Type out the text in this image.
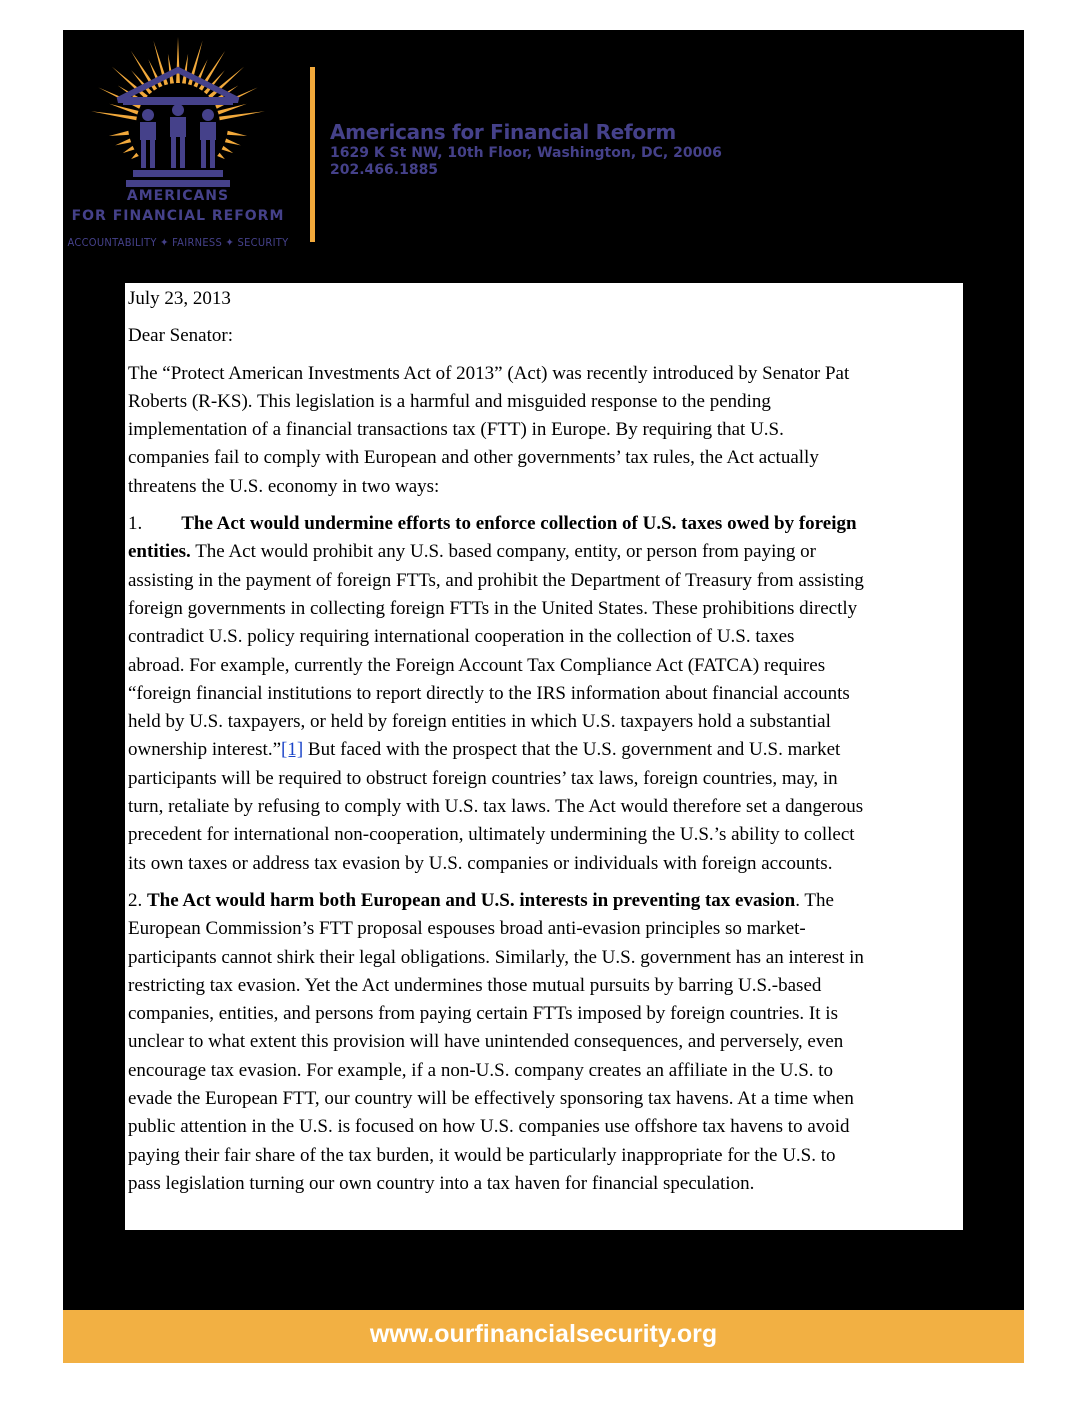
AMERICANS
FOR FINANCIAL REFORM
ACCOUNTABILITY ✦ FAIRNESS ✦ SECURITY
Americans for Financial Reform
1629 K St NW, 10th Floor, Washington, DC, 20006
202.466.1885

July 23, 2013

Dear Senator:

The “Protect American Investments Act of 2013” (Act) was recently introduced by Senator Pat
Roberts (R-KS). This legislation is a harmful and misguided response to the pending
implementation of a financial transactions tax (FTT) in Europe. By requiring that U.S.
companies fail to comply with European and other governments’ tax rules, the Act actually
threatens the U.S. economy in two ways:

1. The Act would undermine efforts to enforce collection of U.S. taxes owed by foreign
entities. The Act would prohibit any U.S. based company, entity, or person from paying or
assisting in the payment of foreign FTTs, and prohibit the Department of Treasury from assisting
foreign governments in collecting foreign FTTs in the United States. These prohibitions directly
contradict U.S. policy requiring international cooperation in the collection of U.S. taxes
abroad. For example, currently the Foreign Account Tax Compliance Act (FATCA) requires
“foreign financial institutions to report directly to the IRS information about financial accounts
held by U.S. taxpayers, or held by foreign entities in which U.S. taxpayers hold a substantial
ownership interest.”[1] But faced with the prospect that the U.S. government and U.S. market
participants will be required to obstruct foreign countries’ tax laws, foreign countries, may, in
turn, retaliate by refusing to comply with U.S. tax laws. The Act would therefore set a dangerous
precedent for international non-cooperation, ultimately undermining the U.S.’s ability to collect
its own taxes or address tax evasion by U.S. companies or individuals with foreign accounts.

2. The Act would harm both European and U.S. interests in preventing tax evasion. The
European Commission’s FTT proposal espouses broad anti-evasion principles so market-
participants cannot shirk their legal obligations. Similarly, the U.S. government has an interest in
restricting tax evasion. Yet the Act undermines those mutual pursuits by barring U.S.-based
companies, entities, and persons from paying certain FTTs imposed by foreign countries. It is
unclear to what extent this provision will have unintended consequences, and perversely, even
encourage tax evasion. For example, if a non-U.S. company creates an affiliate in the U.S. to
evade the European FTT, our country will be effectively sponsoring tax havens. At a time when
public attention in the U.S. is focused on how U.S. companies use offshore tax havens to avoid
paying their fair share of the tax burden, it would be particularly inappropriate for the U.S. to
pass legislation turning our own country into a tax haven for financial speculation.

www.ourfinancialsecurity.org
